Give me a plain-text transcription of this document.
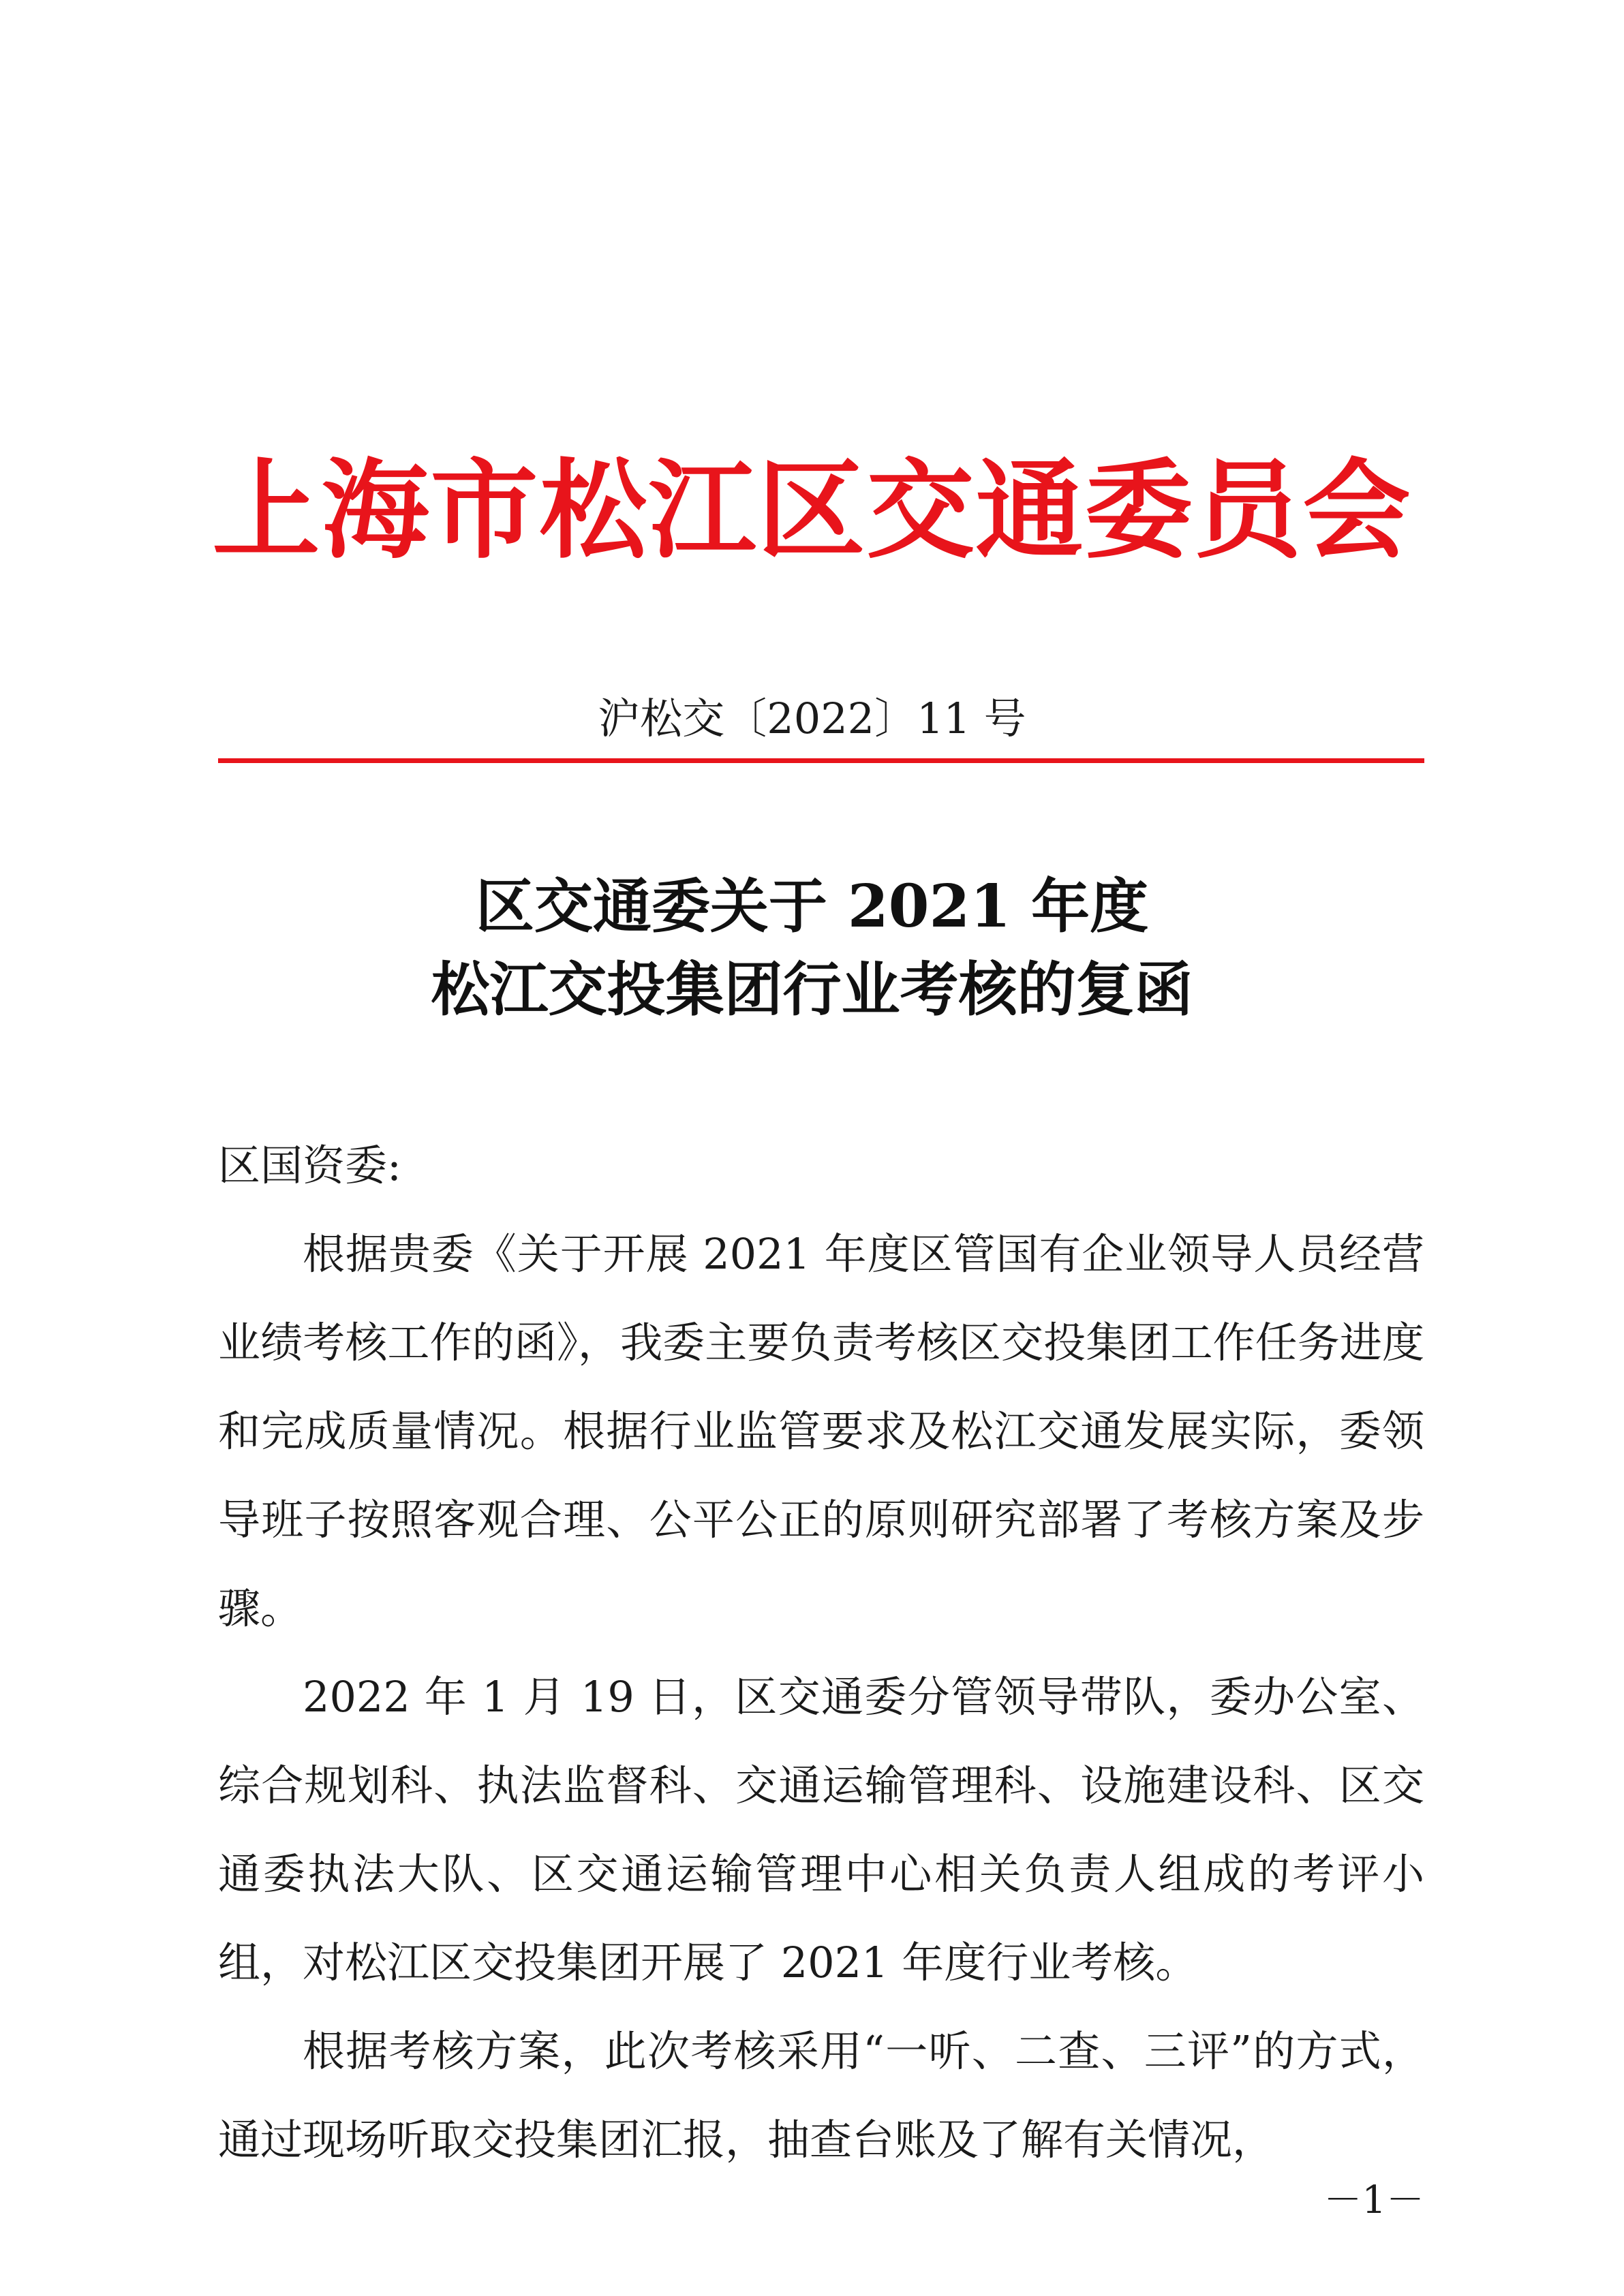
上海市松江区交通委员会
沪松交〔2022〕11 号
区交通委关于 2021 年度
松江交投集团行业考核的复函
区国资委:

根据贵委《关于开展 2021 年度区管国有企业领导人员经营业绩考核工作的函》，我委主要负责考核区交投集团工作任务进度和完成质量情况。根据行业监管要求及松江交通发展实际，委领导班子按照客观合理、公平公正的原则研究部署了考核方案及步骤。

2022 年 1 月 19 日，区交通委分管领导带队，委办公室、综合规划科、执法监督科、交通运输管理科、设施建设科、区交通委执法大队、区交通运输管理中心相关负责人组成的考评小组，对松江区交投集团开展了 2021 年度行业考核。

根据考核方案，此次考核采用“一听、二查、三评”的方式，通过现场听取交投集团汇报，抽查台账及了解有关情况，

－1－
